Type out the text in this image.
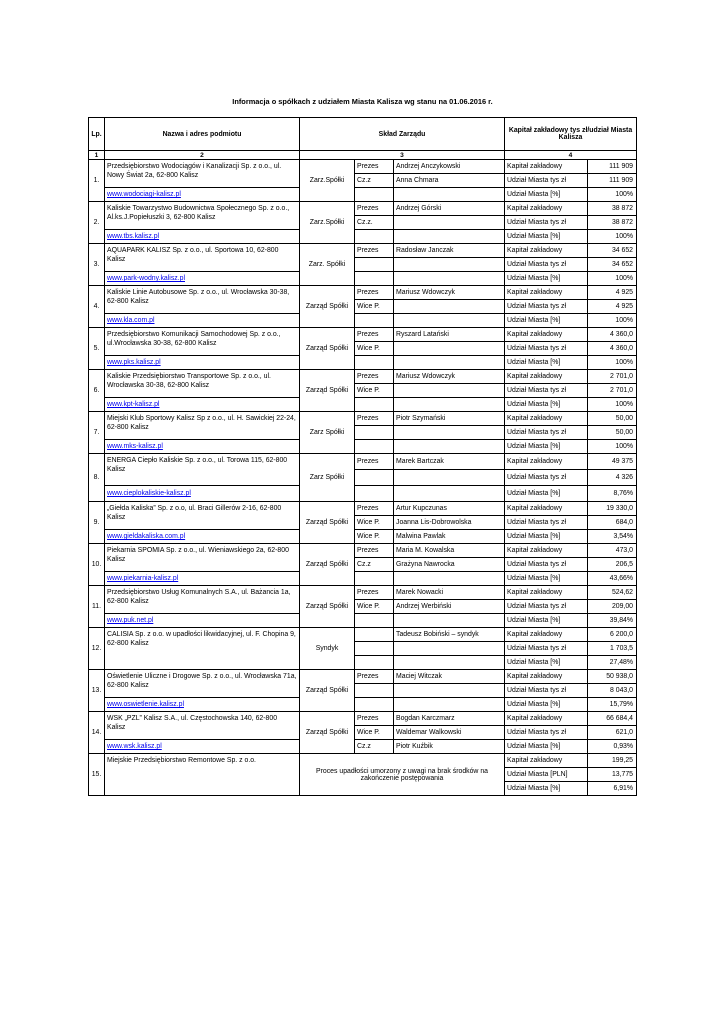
Informacja o spółkach z udziałem Miasta Kalisza wg stanu na 01.06.2016 r.
Lp.	Nazwa i adres podmiotu	Skład Zarządu			Kapitał zakładowy tys zł/udział Miasta Kalisza	
1	2	3			4	
1.	Przedsiębiorstwo Wodociągów i Kanalizacji Sp. z o.o., ul. Nowy Świat 2a, 62-800 Kalisz	Zarz.Spółki	Prezes	Andrzej Anczykowski	Kapitał zakładowy	111 909
			Cz.z	Anna Chmara	Udział Miasta tys zł	111 909
	www.wodociagi-kalisz.pl				Udział Miasta [%]	100%
2.	Kaliskie Towarzystwo Budownictwa Społecznego Sp. z o.o., Al.ks.J.Popiełuszki 3, 62-800 Kalisz	Zarz.Spółki	Prezes	Andrzej Górski	Kapitał zakładowy	38 872
			Cz.z.		Udział Miasta tys zł	38 872
	www.tbs.kalisz.pl				Udział Miasta [%]	100%
3.	AQUAPARK KALISZ Sp. z o.o., ul. Sportowa 10, 62-800 Kalisz	Zarz. Spółki	Prezes	Radosław Janczak	Kapitał zakładowy	34 652
					Udział Miasta tys zł	34 652
	www.park-wodny.kalisz.pl				Udział Miasta [%]	100%
4.	Kaliskie Linie Autobusowe Sp. z o.o., ul. Wrocławska 30-38, 62-800 Kalisz	Zarząd Spółki	Prezes	Mariusz Wdowczyk	Kapitał zakładowy	4 925
			Wice P.		Udział Miasta tys zł	4 925
	www.kla.com.pl				Udział Miasta [%]	100%
5.	Przedsiębiorstwo Komunikacji Samochodowej Sp. z o.o., ul.Wrocławska 30-38, 62-800 Kalisz	Zarząd Spółki	Prezes	Ryszard Latański	Kapitał zakładowy	4 360,0
			Wice P.		Udział Miasta tys zł	4 360,0
	www.pks.kalisz.pl				Udział Miasta [%]	100%
6.	Kaliskie Przedsiębiorstwo Transportowe Sp. z o.o., ul. Wrocławska 30-38, 62-800 Kalisz	Zarząd Spółki	Prezes	Mariusz Wdowczyk	Kapitał zakładowy	2 701,0
			Wice P.		Udział Miasta tys zł	2 701,0
	www.kpt-kalisz.pl				Udział Miasta [%]	100%
7.	Miejski Klub Sportowy Kalisz Sp z o.o., ul. H. Sawickiej 22-24, 62-800 Kalisz	Zarz Spółki	Prezes	Piotr Szymański	Kapitał zakładowy	50,00
					Udział Miasta tys zł	50,00
	www.mks-kalisz.pl				Udział Miasta [%]	100%
8.	ENERGA Ciepło Kaliskie Sp. z o.o., ul. Torowa 115, 62-800 Kalisz	Zarz Spółki	Prezes	Marek Bartczak	Kapitał zakładowy	49 375
					Udział Miasta tys zł	4 326
	www.cieplokaliskie-kalisz.pl				Udział Miasta [%]	8,76%
9.	„Giełda Kaliska” Sp. z o.o, ul. Braci Gillerów 2-16, 62-800 Kalisz	Zarząd Spółki	Prezes	Artur Kupczunas	Kapitał zakładowy	19 330,0
			Wice P.	Joanna Lis-Dobrowolska	Udział Miasta tys zł	684,0
	www.gieldakaliska.com.pl		Wice P.	Malwina Pawlak	Udział Miasta [%]	3,54%
10.	Piekarnia SPOMIA Sp. z o.o., ul. Wieniawskiego 2a, 62-800 Kalisz	Zarząd Spółki	Prezes	Maria M. Kowalska	Kapitał zakładowy	473,0
			Cz.z	Grażyna Nawrocka	Udział Miasta tys zł	206,5
	www.piekarnia-kalisz.pl				Udział Miasta [%]	43,66%
11.	Przedsiębiorstwo Usług Komunalnych S.A., ul. Bażancia 1a, 62-800 Kalisz	Zarząd Spółki	Prezes	Marek Nowacki	Kapitał zakładowy	524,62
			Wice P.	Andrzej Werbiński	Udział Miasta tys zł	209,00
	www.puk.net.pl				Udział Miasta [%]	39,84%
12.	CALISIA Sp. z o.o. w upadłości likwidacyjnej, ul. F. Chopina 9, 62-800 Kalisz	Syndyk		Tadeusz Bobiński – syndyk	Kapitał zakładowy	6 200,0
					Udział Miasta tys zł	1 703,5
					Udział Miasta [%]	27,48%
13.	Oświetlenie Uliczne i Drogowe Sp. z o.o., ul. Wrocławska 71a, 62-800 Kalisz	Zarząd Spółki	Prezes	Maciej Witczak	Kapitał zakładowy	50 938,0
					Udział Miasta tys zł	8 043,0
	www.oswietlenie.kalisz.pl				Udział Miasta [%]	15,79%
14.	WSK „PZL” Kalisz S.A., ul. Częstochowska 140, 62-800 Kalisz	Zarząd Spółki	Prezes	Bogdan Karczmarz	Kapitał zakładowy	66 684,4
			Wice P.	Waldemar Walkowski	Udział Miasta tys zł	621,0
	www.wsk.kalisz.pl		Cz.z	Piotr Kuźbik	Udział Miasta [%]	0,93%
15.	Miejskie Przedsiębiorstwo Remontowe Sp. z o.o.	Proces upadłości umorzony z uwagi na brak środków na zakończenie postępowania			Kapitał zakładowy	199,25
					Udział Miasta [PLN]	13,775
					Udział Miasta [%]	6,91%
